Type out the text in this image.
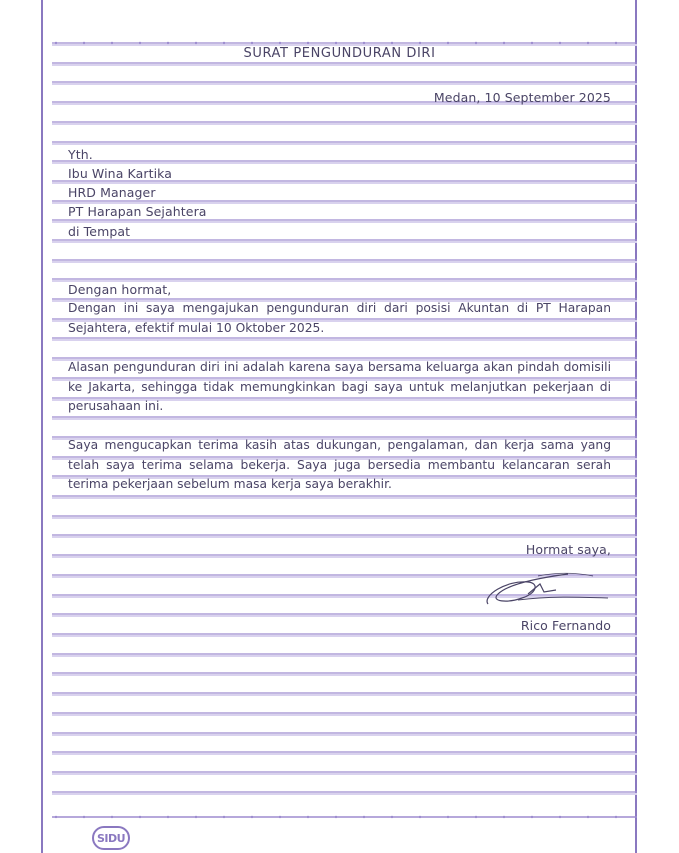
SURAT PENGUNDURAN DIRI
Medan, 10 September 2025
Yth.
Ibu Wina Kartika
HRD Manager
PT Harapan Sejahtera
di Tempat
Dengan hormat,
Dengan ini saya mengajukan pengunduran diri dari posisi Akuntan di PT Harapan Sejahtera, efektif mulai 10 Oktober 2025.
Alasan pengunduran diri ini adalah karena saya bersama keluarga akan pindah domisili ke Jakarta, sehingga tidak memungkinkan bagi saya untuk melanjutkan pekerjaan di perusahaan ini.
Saya mengucapkan terima kasih atas dukungan, pengalaman, dan kerja sama yang telah saya terima selama bekerja. Saya juga bersedia membantu kelancaran serah terima pekerjaan sebelum masa kerja saya berakhir.
Hormat saya,
Rico Fernando
SIDU
